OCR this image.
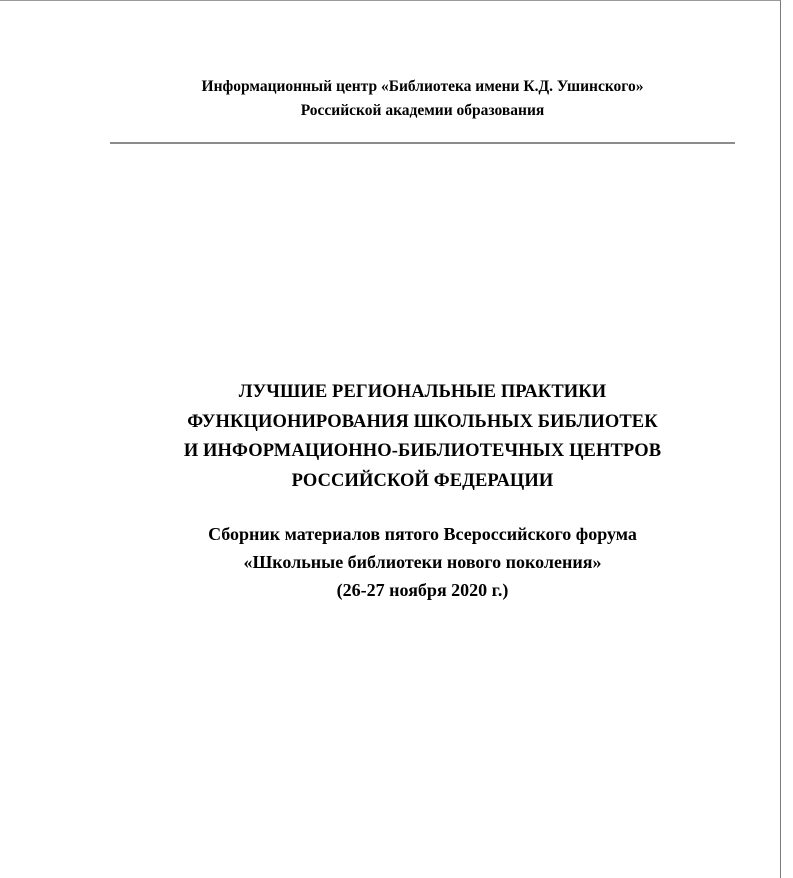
Информационный центр «Библиотека имени К.Д. Ушинского»
Российской академии образования
ЛУЧШИЕ РЕГИОНАЛЬНЫЕ ПРАКТИКИ
ФУНКЦИОНИРОВАНИЯ ШКОЛЬНЫХ БИБЛИОТЕК
И ИНФОРМАЦИОННО-БИБЛИОТЕЧНЫХ ЦЕНТРОВ
РОССИЙСКОЙ ФЕДЕРАЦИИ
Сборник материалов пятого Всероссийского форума
«Школьные библиотеки нового поколения»
(26-27 ноября 2020 г.)
